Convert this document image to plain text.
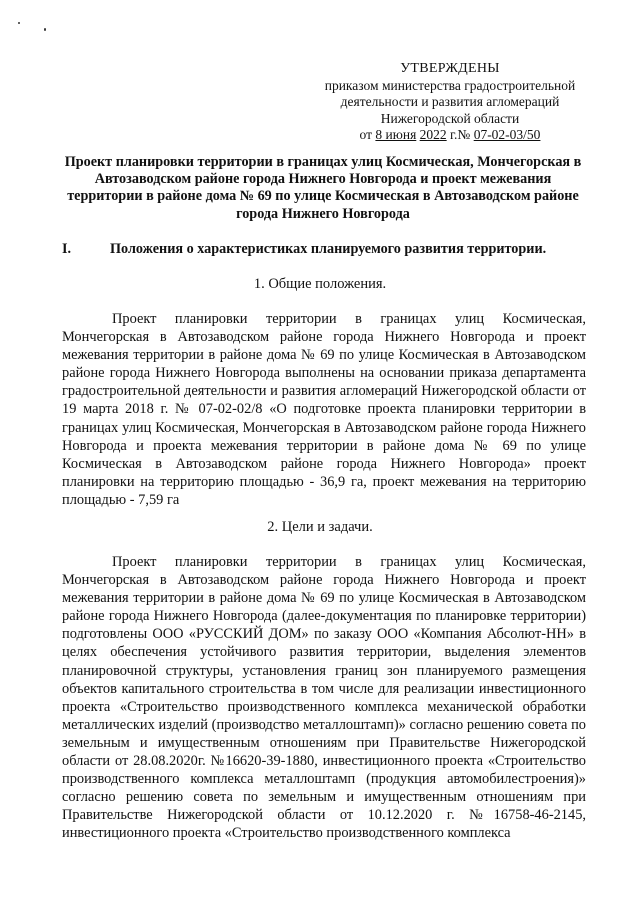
УТВЕРЖДЕНЫ
приказом министерства градостроительной
деятельности и развития агломераций
Нижегородской области
от 8 июня 2022 г.№ 07-02-03/50
Проект планировки территории в границах улиц Космическая, Мончегорская в Автозаводском районе города Нижнего Новгорода и проект межевания территории в районе дома № 69 по улице Космическая в Автозаводском районе города Нижнего Новгорода
I.	Положения о характеристиках планируемого развития территории.
1. Общие положения.

Проект планировки территории в границах улиц Космическая, Мончегорская в Автозаводском районе города Нижнего Новгорода и проект межевания территории в районе дома № 69 по улице Космическая в Автозаводском районе города Нижнего Новгорода выполнены на основании приказа департамента градостроительной деятельности и развития агломераций Нижегородской области от 19 марта 2018 г. № 07-02-02/8 «О подготовке проекта планировки территории в границах улиц Космическая, Мончегорская в Автозаводском районе города Нижнего Новгорода и проекта межевания территории в районе дома № 69 по улице Космическая в Автозаводском районе города Нижнего Новгорода» проект планировки на территорию площадью - 36,9 га, проект межевания на территорию площадью - 7,59 га

2. Цели и задачи.

Проект планировки территории в границах улиц Космическая, Мончегорская в Автозаводском районе города Нижнего Новгорода и проект межевания территории в районе дома № 69 по улице Космическая в Автозаводском районе города Нижнего Новгорода (далее-документация по планировке территории) подготовлены ООО «РУССКИЙ ДОМ» по заказу ООО «Компания Абсолют-НН» в целях обеспечения устойчивого развития территории, выделения элементов планировочной структуры, установления границ зон планируемого размещения объектов капитального строительства в том числе для реализации инвестиционного проекта «Строительство производственного комплекса механической обработки металлических изделий (производство металлоштамп)» согласно решению совета по земельным и имущественным отношениям при Правительстве Нижегородской области от 28.08.2020г. №16620-39-1880, инвестиционного проекта «Строительство производственного комплекса металлоштамп (продукция автомобилестроения)» согласно решению совета по земельным и имущественным отношениям при Правительстве Нижегородской области от 10.12.2020 г. №16758-46-2145, инвестиционного проекта «Строительство производственного комплекса
